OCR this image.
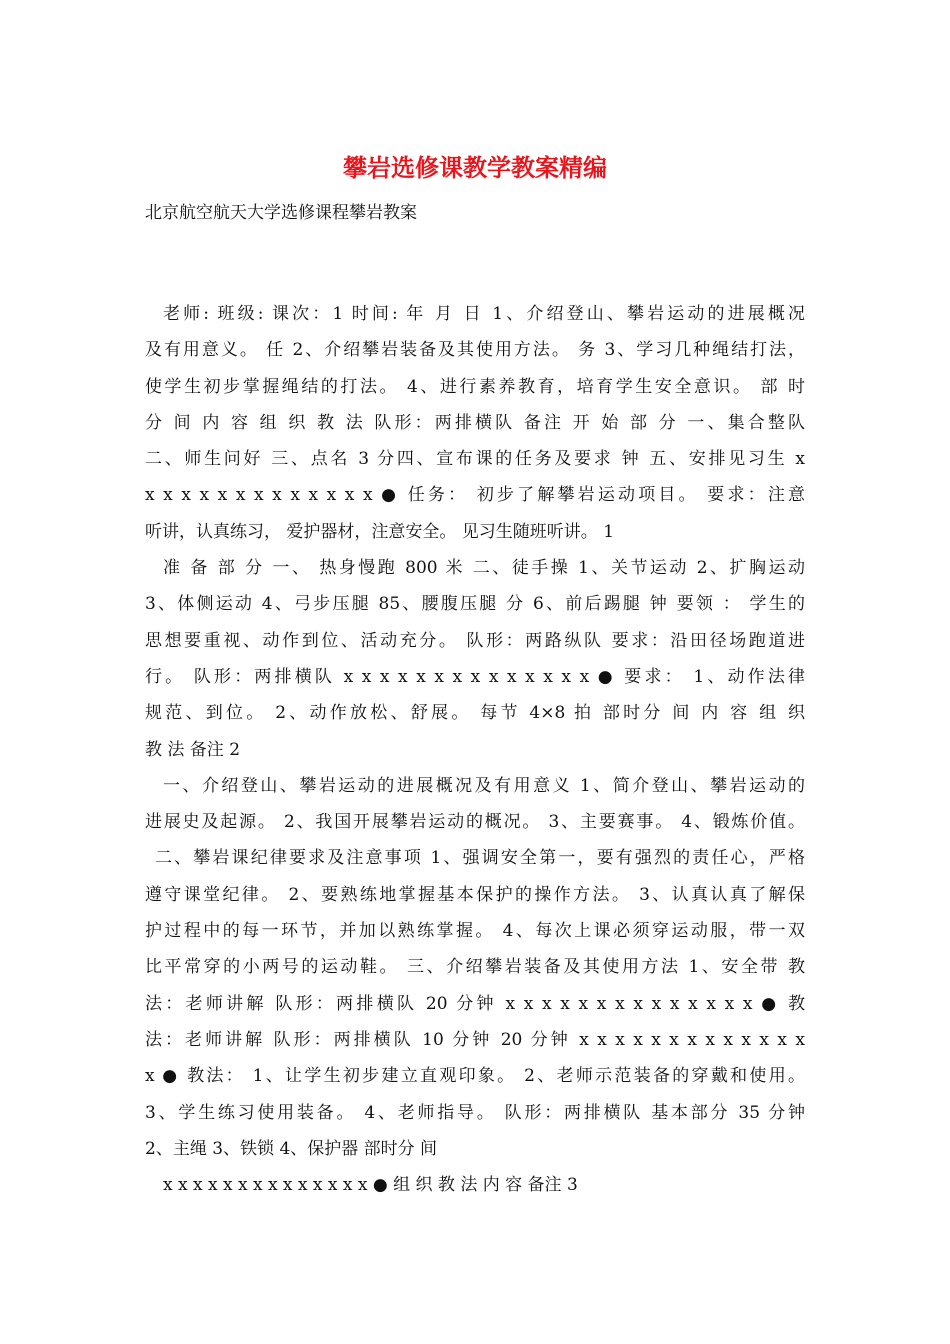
攀岩选修课教学教案精编
北京航空航天大学选修课程攀岩教案
老师: 班级: 课次：1 时间: 年 月 日 1、介绍登山、攀岩运动的进展概况
及有用意义。 任 2、介绍攀岩装备及其使用方法。 务 3、学习几种绳结打法，
使学生初步掌握绳结的打法。 4、进行素养教育，培育学生安全意识。 部 时
分 间 内 容 组 织 教 法 队形：两排横队 备注 开 始 部 分 一、集合整队
二、师生问好 三、点名 3 分四、宣布课的任务及要求 钟 五、安排见习生 x
x x x x x x x x x x x x x ● 任务： 初步了解攀岩运动项目。 要求：注意
听讲，认真练习， 爱护器材，注意安全。 见习生随班听讲。 1
准 备 部 分 一、 热身慢跑 800 米 二、徒手操 1、关节运动 2、扩胸运动
3、体侧运动 4、弓步压腿 85、腰腹压腿 分 6、前后踢腿 钟 要领 ： 学生的
思想要重视、动作到位、活动充分。 队形：两路纵队 要求：沿田径场跑道进
行。 队形：两排横队 x x x x x x x x x x x x x x ● 要求： 1、动作法律
规范、到位。 2、动作放松、舒展。 每节 4×8 拍 部时分 间 内 容 组 织
教 法 备注 2
一、介绍登山、攀岩运动的进展概况及有用意义 1、简介登山、攀岩运动的
进展史及起源。 2、我国开展攀岩运动的概况。 3、主要赛事。 4、锻炼价值。
二、攀岩课纪律要求及注意事项 1、强调安全第一，要有强烈的责任心，严格
遵守课堂纪律。 2、要熟练地掌握基本保护的操作方法。 3、认真认真了解保
护过程中的每一环节，并加以熟练掌握。 4、每次上课必须穿运动服，带一双
比平常穿的小两号的运动鞋。 三、介绍攀岩装备及其使用方法 1、安全带 教
法：老师讲解 队形：两排横队 20 分钟 x x x x x x x x x x x x x x ● 教
法：老师讲解 队形：两排横队 10 分钟 20 分钟 x x x x x x x x x x x x x
x ● 教法： 1、让学生初步建立直观印象。 2、老师示范装备的穿戴和使用。
3、学生练习使用装备。 4、老师指导。 队形：两排横队 基本部分 35 分钟
2、主绳 3、铁锁 4、保护器 部时分 间
x x x x x x x x x x x x x x ● 组 织 教 法 内 容 备注 3
